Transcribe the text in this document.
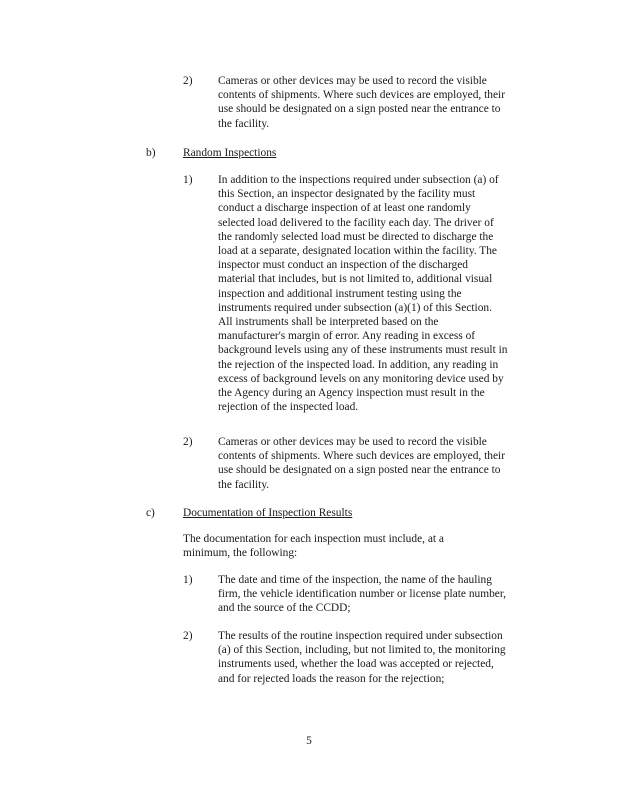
2) Cameras or other devices may be used to record the visible contents of shipments. Where such devices are employed, their use should be designated on a sign posted near the entrance to the facility.

b) Random Inspections

1) In addition to the inspections required under subsection (a) of this Section, an inspector designated by the facility must conduct a discharge inspection of at least one randomly selected load delivered to the facility each day. The driver of the randomly selected load must be directed to discharge the load at a separate, designated location within the facility. The inspector must conduct an inspection of the discharged material that includes, but is not limited to, additional visual inspection and additional instrument testing using the instruments required under subsection (a)(1) of this Section. All instruments shall be interpreted based on the manufacturer's margin of error. Any reading in excess of background levels using any of these instruments must result in the rejection of the inspected load. In addition, any reading in excess of background levels on any monitoring device used by the Agency during an Agency inspection must result in the rejection of the inspected load.

2) Cameras or other devices may be used to record the visible contents of shipments. Where such devices are employed, their use should be designated on a sign posted near the entrance to the facility.

c) Documentation of Inspection Results

The documentation for each inspection must include, at a minimum, the following:

1) The date and time of the inspection, the name of the hauling firm, the vehicle identification number or license plate number, and the source of the CCDD;

2) The results of the routine inspection required under subsection (a) of this Section, including, but not limited to, the monitoring instruments used, whether the load was accepted or rejected, and for rejected loads the reason for the rejection;

5
